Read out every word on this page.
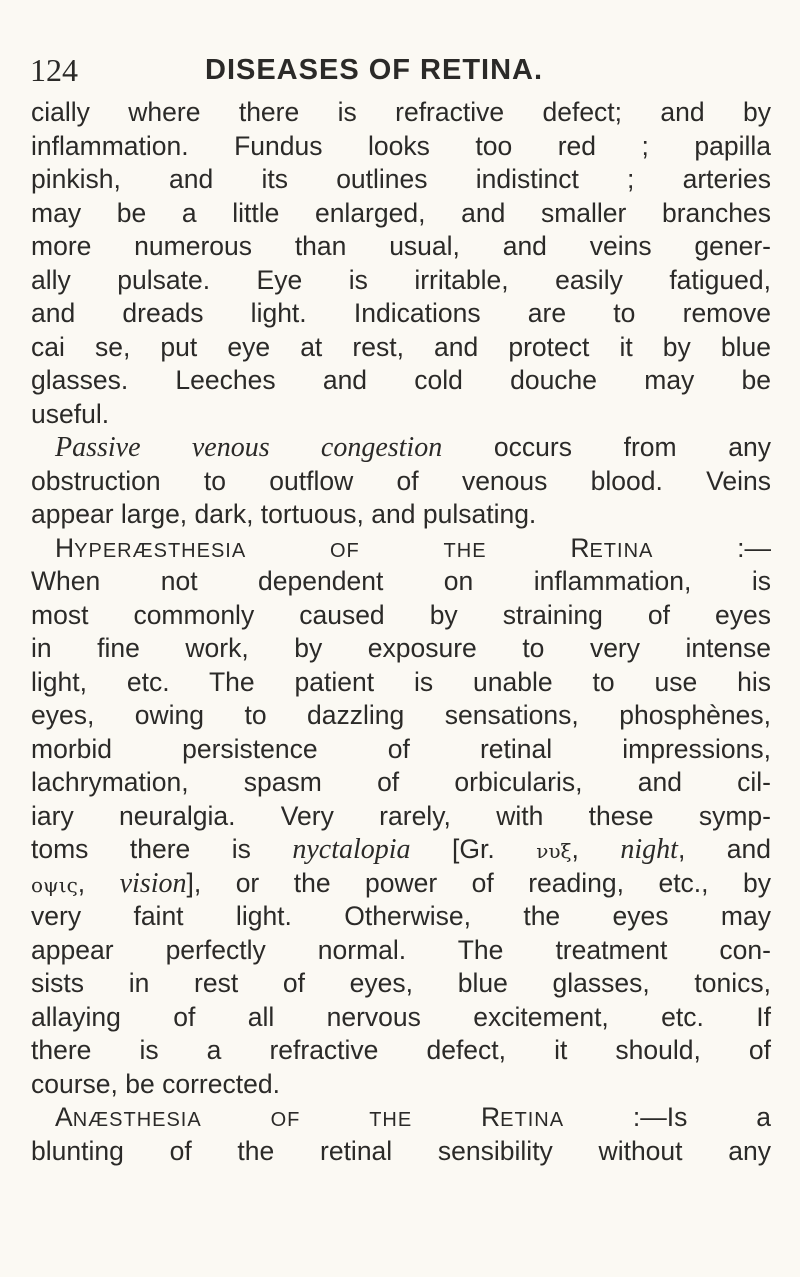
124	DISEASES OF RETINA.
cially where there is refractive defect; and by
inflammation. Fundus looks too red ; papilla
pinkish, and its outlines indistinct ; arteries
may be a little enlarged, and smaller branches
more numerous than usual, and veins gener-
ally pulsate. Eye is irritable, easily fatigued,
and dreads light. Indications are to remove
cai se, put eye at rest, and protect it by blue
glasses. Leeches and cold douche may be
useful.
Passive venous congestion occurs from any
obstruction to outflow of venous blood. Veins
appear large, dark, tortuous, and pulsating.
HYPERÆSTHESIA	OF	THE	RETINA :—
When not dependent on inflammation, is
most commonly caused by straining of eyes
in fine work, by exposure to very intense
light, etc. The patient is unable to use his
eyes, owing to dazzling sensations, phosphènes,
morbid persistence of retinal impressions,
lachrymation, spasm of orbicularis, and cil-
iary neuralgia. Very rarely, with these symp-
toms there is nyctalopia [Gr. νυξ, night, and
οψις, vision], or the power of reading, etc., by
very faint light. Otherwise, the eyes may
appear perfectly normal. The treatment con-
sists in rest of eyes, blue glasses, tonics,
allaying of all nervous excitement, etc. If
there is a refractive defect, it should, of
course, be corrected.
ANÆSTHESIA	OF	THE	RETINA :—Is a
blunting of the retinal sensibility without any
